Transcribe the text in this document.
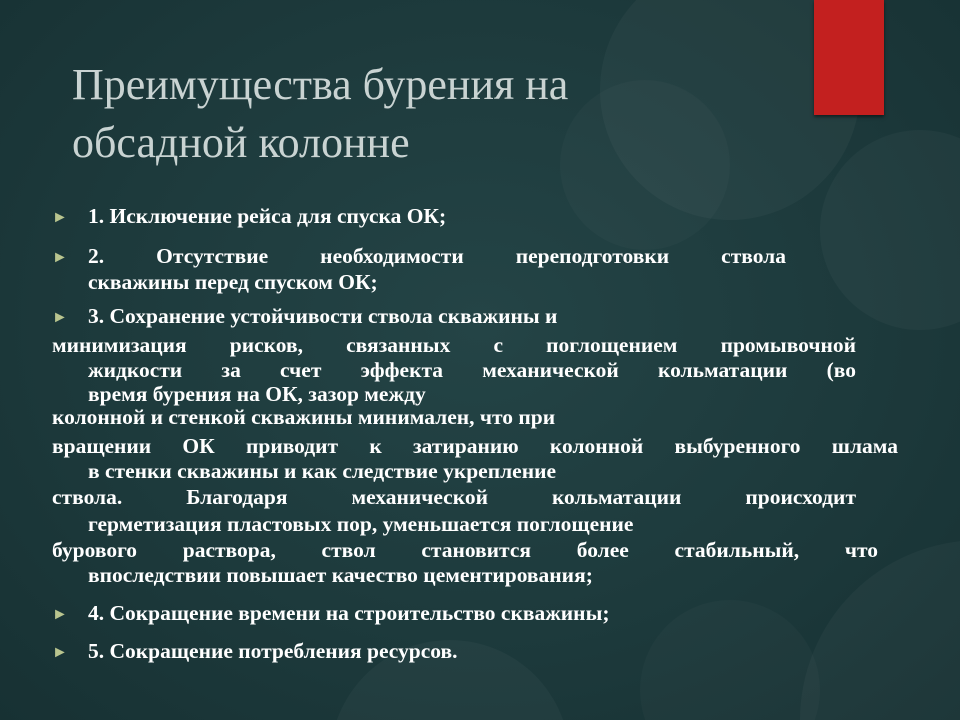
Преимущества бурения на
обсадной колонне
►
►
►
►
►
1. Исключение рейса для спуска ОК;
2. Отсутствие необходимости переподготовки ствола
скважины перед спуском ОК;
3. Сохранение устойчивости ствола скважины и
минимизация рисков, связанных с поглощением промывочной
жидкости за счет эффекта механической кольматации (во
время бурения на ОК, зазор между
колонной и стенкой скважины минимален, что при
вращении ОК приводит к затиранию колонной выбуренного шлама
в стенки скважины и как следствие укрепление
ствола. Благодаря механической кольматации происходит
герметизация пластовых пор, уменьшается поглощение
бурового раствора, ствол становится более стабильный, что
впоследствии повышает качество цементирования;
4. Сокращение времени на строительство скважины;
5. Сокращение потребления ресурсов.
